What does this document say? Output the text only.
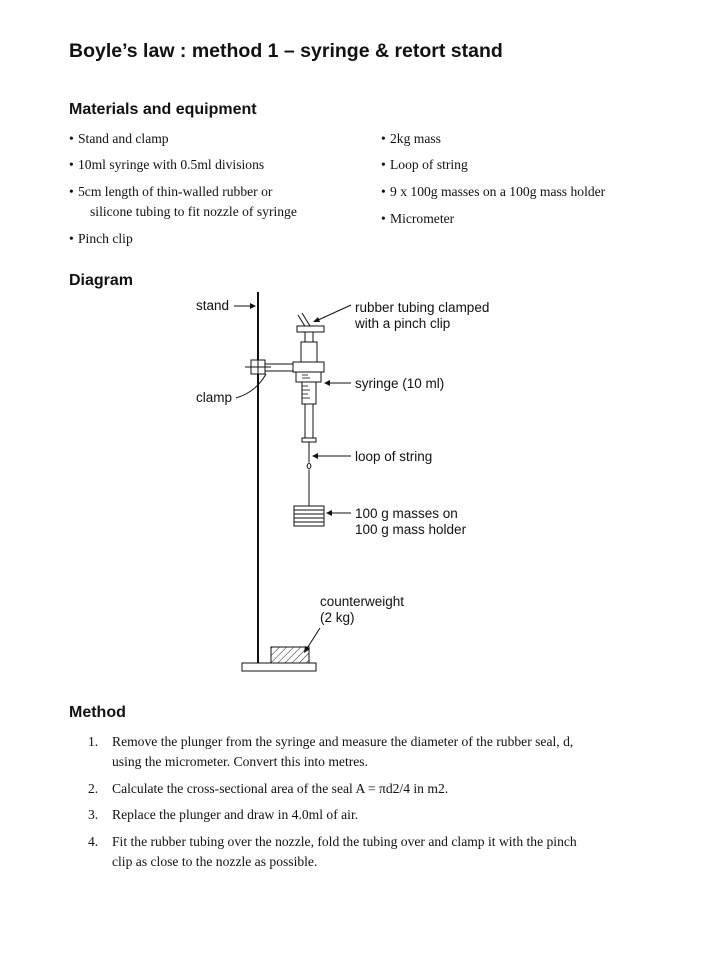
Boyle’s law : method 1 – syringe & retort stand
Materials and equipment
• Stand and clamp
• 10ml syringe with 0.5ml divisions
• 5cm length of thin-walled rubber or
silicone tubing to fit nozzle of syringe
• Pinch clip
• 2kg mass
• Loop of string
• 9 x 100g masses on a 100g mass holder
• Micrometer
Diagram
stand
clamp
rubber tubing clamped
with a pinch clip
syringe (10 ml)
loop of string
100 g masses on
100 g mass holder
counterweight
(2 kg)
Method
1.	Remove the plunger from the syringe and measure the diameter of the rubber seal, d,
using the micrometer. Convert this into metres.
2.	Calculate the cross-sectional area of the seal A = πd2/4 in m2.
3.	Replace the plunger and draw in 4.0ml of air.
4.	Fit the rubber tubing over the nozzle, fold the tubing over and clamp it with the pinch
clip as close to the nozzle as possible.
